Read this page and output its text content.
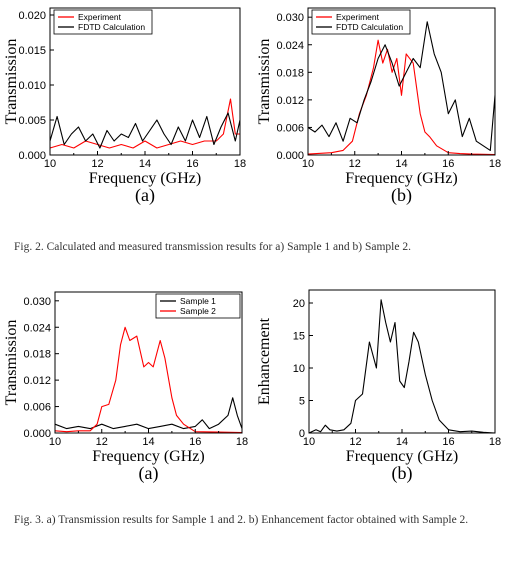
10	12	14	16	18
0.000
0.005
0.010
0.015
0.020
Frequency (GHz)
Transmission
(a)
Experiment
FDTD Calculation
10	12	14	16	18
0.000
0.006
0.012
0.018
0.024
0.030
Frequency (GHz)
Transmission
(b)
Experiment
FDTD Calculation
Fig. 2. Calculated and measured transmission results for a) Sample 1 and b) Sample 2.
10	12	14	16	18
0.000
0.006
0.012
0.018
0.024
0.030
Frequency (GHz)
Transmission
(a)
Sample 1
Sample 2
10	12	14	16	18
0
5
10
15
20
Frequency (GHz)
Enhancement
(b)
Fig. 3. a) Transmission results for Sample 1 and 2. b) Enhancement factor obtained with Sample 2.
